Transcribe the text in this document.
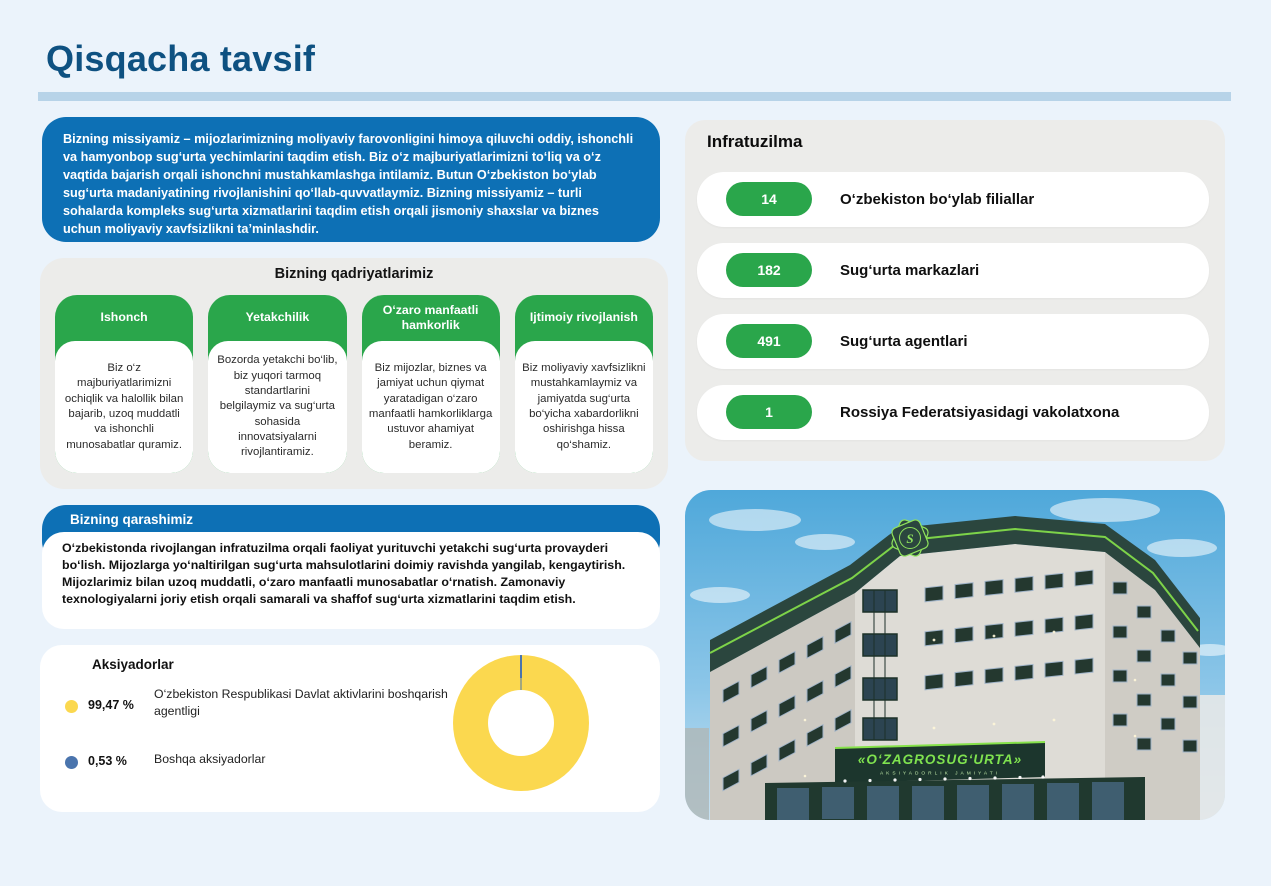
Qisqacha tavsif
Bizning missiyamiz – mijozlarimizning moliyaviy farovonligini himoya qiluvchi oddiy, ishonchli va hamyonbop sug‘urta yechimlarini taqdim etish. Biz o‘z majburiyatlarimizni to‘liq va o‘z vaqtida bajarish orqali ishonchni mustahkamlashga intilamiz. Butun O‘zbekiston bo‘ylab sug‘urta madaniyatining rivojlanishini qo‘llab-quvvatlaymiz. Bizning missiyamiz – turli sohalarda kompleks sug‘urta xizmatlarini taqdim etish orqali jismoniy shaxslar va biznes uchun moliyaviy xavfsizlikni ta’minlashdir.
Bizning qadriyatlarimiz
Ishonch
Biz o‘z majburiyatlarimizni ochiqlik va halollik bilan bajarib, uzoq muddatli va ishonchli munosabatlar quramiz.
Yetakchilik
Bozorda yetakchi bo‘lib, biz yuqori tarmoq standartlarini belgilaymiz va sug‘urta sohasida innovatsiyalarni rivojlantiramiz.
O‘zaro manfaatli hamkorlik
Biz mijozlar, biznes va jamiyat uchun qiymat yaratadigan o‘zaro manfaatli hamkorliklarga ustuvor ahamiyat beramiz.
Ijtimoiy rivojlanish
Biz moliyaviy xavfsizlikni mustahkamlaymiz va jamiyatda sug‘urta bo‘yicha xabardorlikni oshirishga hissa qo‘shamiz.
Bizning qarashimiz
O‘zbekistonda rivojlangan infratuzilma orqali faoliyat yurituvchi yetakchi sug‘urta provayderi bo‘lish. Mijozlarga yo‘naltirilgan sug‘urta mahsulotlarini doimiy ravishda yangilab, kengaytirish. Mijozlarimiz bilan uzoq muddatli, o‘zaro manfaatli munosabatlar o‘rnatish. Zamonaviy texnologiyalarni joriy etish orqali samarali va shaffof sug‘urta xizmatlarini taqdim etish.
Aksiyadorlar
99,47 %
O‘zbekiston Respublikasi Davlat aktivlarini boshqarish agentligi
0,53 % Boshqa aksiyadorlar
Infratuzilma
14	O‘zbekiston bo‘ylab filiallar
182	Sug‘urta markazlari
491	Sug‘urta agentlari
1	Rossiya Federatsiyasidagi vakolatxona
S
«O‘ZAGROSUG‘URTA»
AKSIYADORLIK JAMIYATI
